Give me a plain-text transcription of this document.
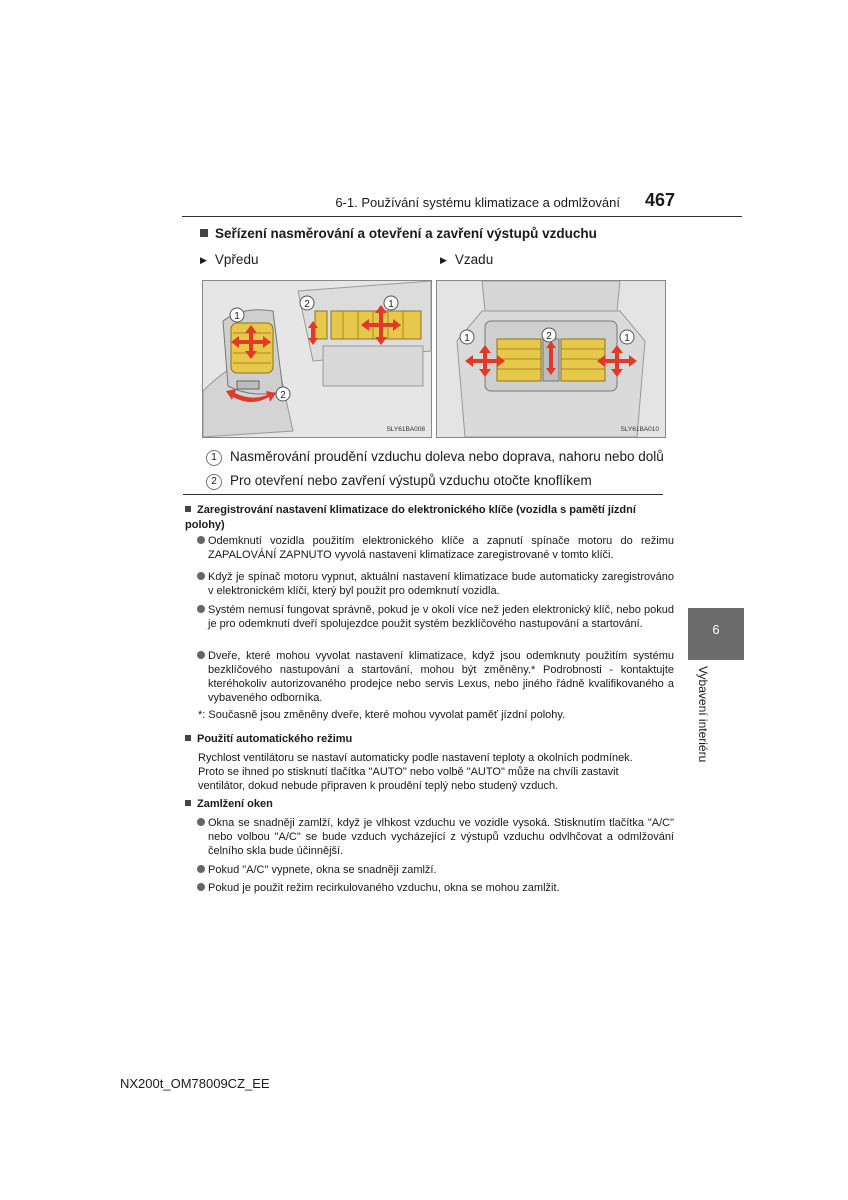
6-1. Používání systému klimatizace a odmlžování 467
Seřízení nasměrování a otevření a zavření výstupů vzduchu
▶ Vpředu	▶ Vzadu
1
2
2	1
SLY61BA008
1	2	1
SLY61BA010
1 Nasměrování proudění vzduchu doleva nebo doprava, nahoru nebo dolů
2 Pro otevření nebo zavření výstupů vzduchu otočte knoflíkem
Zaregistrování nastavení klimatizace do elektronického klíče (vozidla s pamětí jízdní polohy)
Odemknutí vozidla použitím elektronického klíče a zapnutí spínače motoru do režimu ZAPALOVÁNÍ ZAPNUTO vyvolá nastavení klimatizace zaregistrované v tomto klíči.
Když je spínač motoru vypnut, aktuální nastavení klimatizace bude automaticky zaregistrováno v elektronickém klíči, který byl použit pro odemknutí vozidla.
Systém nemusí fungovat správně, pokud je v okolí více než jeden elektronický klíč, nebo pokud je pro odemknutí dveří spolujezdce použit systém bezklíčového nastupování a startování.
Dveře, které mohou vyvolat nastavení klimatizace, když jsou odemknuty použitím systému bezklíčového nastupování a startování, mohou být změněny.* Podrobnosti - kontaktujte kteréhokoliv autorizovaného prodejce nebo servis Lexus, nebo jiného řádně kvalifikovaného a vybaveného odborníka.
*: Současně jsou změněny dveře, které mohou vyvolat paměť jízdní polohy.
Použití automatického režimu
Rychlost ventilátoru se nastaví automaticky podle nastavení teploty a okolních podmínek. Proto se ihned po stisknutí tlačítka "AUTO" nebo volbě "AUTO" může na chvíli zastavit ventilátor, dokud nebude připraven k proudění teplý nebo studený vzduch.
Zamlžení oken
Okna se snadněji zamlží, když je vlhkost vzduchu ve vozidle vysoká. Stisknutím tlačítka "A/C" nebo volbou "A/C" se bude vzduch vycházející z výstupů vzduchu odvlhčovat a odmlžování čelního skla bude účinnější.
Pokud "A/C" vypnete, okna se snadněji zamlží.
Pokud je použit režim recirkulovaného vzduchu, okna se mohou zamlžit.
6
Vybavení interiéru
NX200t_OM78009CZ_EE
